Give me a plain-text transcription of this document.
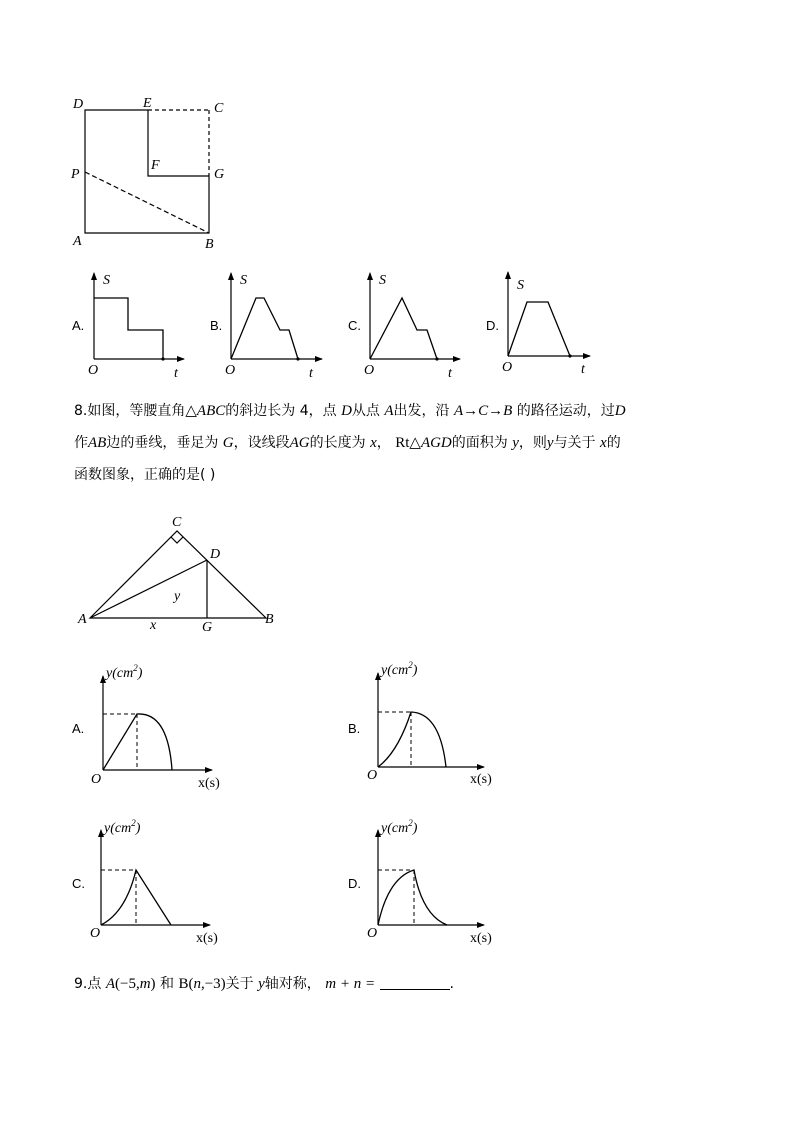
D	E	C
P
F
G
A	B
A.
S
t
O
B.
S
t
O
C.
S
t
O
D.
S
t
O
8.如图，等腰直角△ABC的斜边长为 4，点 D从点 A出发，沿 A→C→B 的路径运动，过D
作AB边的垂线，垂足为 G，设线段AG的长度为 x， Rt△AGD的面积为 y，则y与关于 x的
函数图象，正确的是( )
C
D
A	B
G
x
y
A.
$y(cm^2)$
x(s)
O
B.
$y(cm^2)$
x(s)
O
C.
$y(cm^2)$
x(s)
O
D.
$y(cm^2)$
x(s)
O
9.点 A(−5,m) 和 B(n,−3)关于 y轴对称， m + n =	.
